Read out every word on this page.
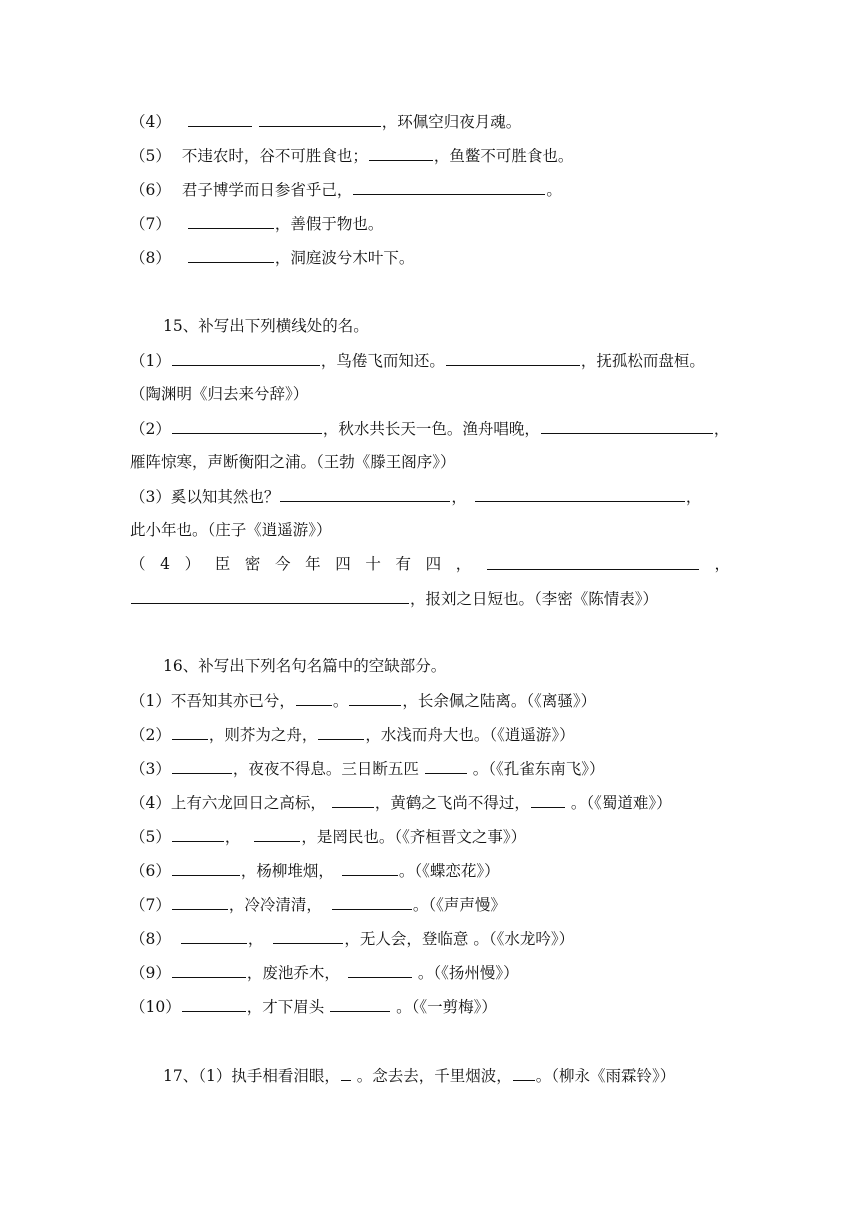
（4）	，环佩空归夜月魂。
（5） 不违农时，谷不可胜食也；	，鱼鳖不可胜食也。
（6） 君子博学而日参省乎己，	。
（7）	，善假于物也。
（8）	，洞庭波兮木叶下。
15、补写出下列横线处的名。
（1）	，鸟倦飞而知还。	，抚孤松而盘桓。
（陶渊明《归去来兮辞》）
（2）	，秋水共长天一色。渔舟唱晚，	，
雁阵惊寒，声断衡阳之浦。（王勃《滕王阁序》）
（3）奚以知其然也？	，	，
此小年也。（庄子《逍遥游》）
（ 4 ） 臣 密 今 年 四 十 有 四 ，	，
，报刘之日短也。（李密《陈情表》）
16、补写出下列名句名篇中的空缺部分。
（1）不吾知其亦已兮， 。	，长余佩之陆离。（《离骚》）
（2） ，则芥为之舟，	，水浅而舟大也。（《逍遥游》）
（3）	，夜夜不得息。三日断五匹	。（《孔雀东南飞》）
（4）上有六龙回日之高标，	，黄鹤之飞尚不得过， 。（《蜀道难》）
（5）	，	，是罔民也。（《齐桓晋文之事》）
（6）	，杨柳堆烟，	。（《蝶恋花》）
（7）	，冷冷清清，	。（《声声慢》
（8）	，	，无人会，登临意 。（《水龙吟》）
（9）	，废池乔木，	。（《扬州慢》）
（10）	，才下眉头	。（《一剪梅》）
17、（1）执手相看泪眼， 。念去去，千里烟波， 。（柳永《雨霖铃》）
